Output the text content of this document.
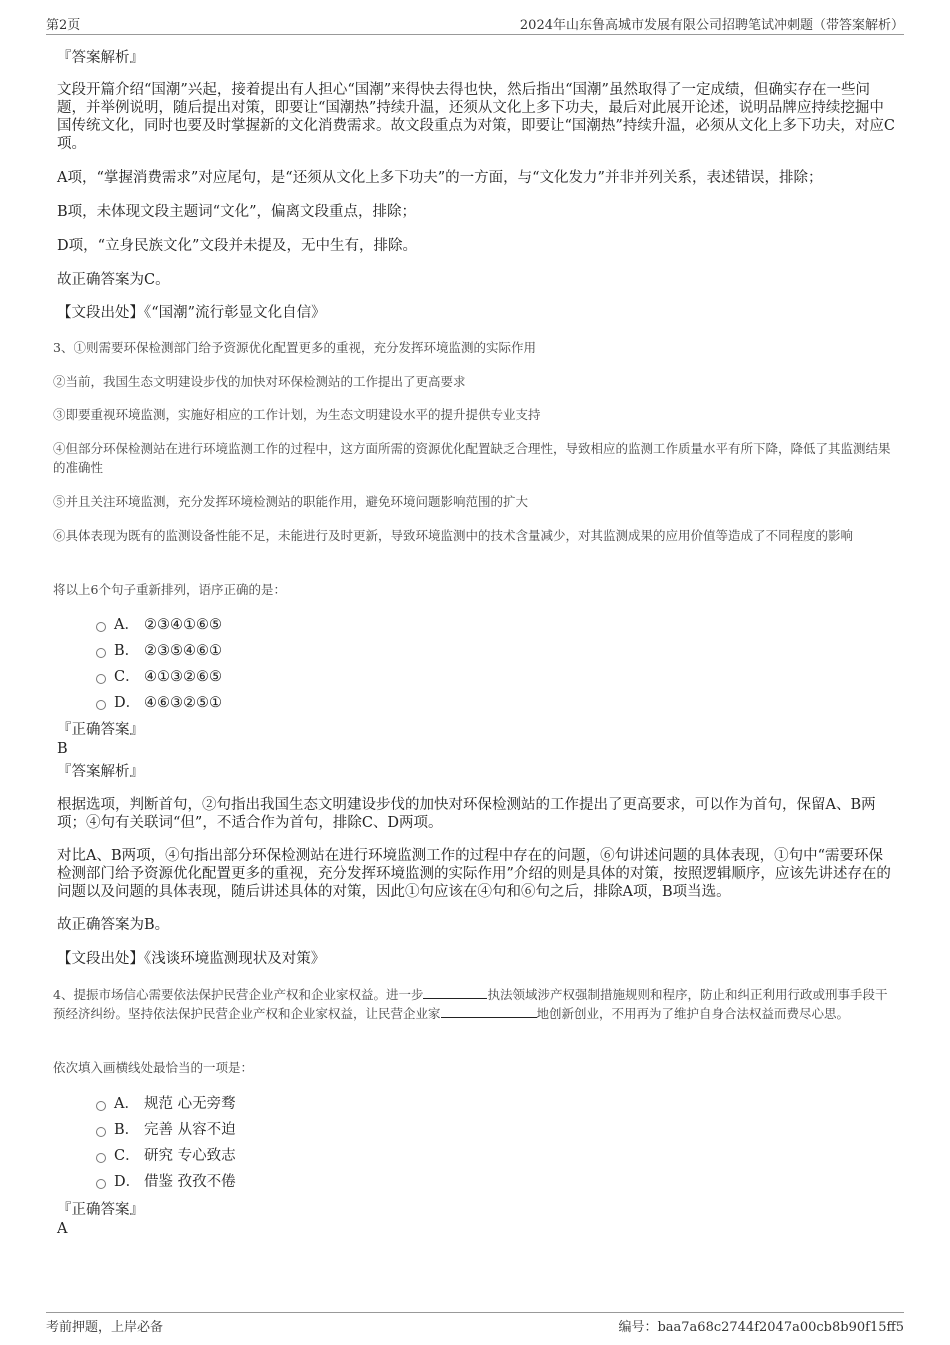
第2页	2024年山东鲁高城市发展有限公司招聘笔试冲刺题（带答案解析）
『答案解析』
文段开篇介绍“国潮”兴起，接着提出有人担心“国潮”来得快去得也快，然后指出“国潮”虽然取得了一定成绩，但确实存在一些问题，并举例说明，随后提出对策，即要让“国潮热”持续升温，还须从文化上多下功夫，最后对此展开论述，说明品牌应持续挖掘中国传统文化，同时也要及时掌握新的文化消费需求。故文段重点为对策，即要让“国潮热”持续升温，必须从文化上多下功夫，对应C项。
A项，“掌握消费需求”对应尾句，是“还须从文化上多下功夫”的一方面，与“文化发力”并非并列关系，表述错误，排除；
B项，未体现文段主题词“文化”，偏离文段重点，排除；
D项，“立身民族文化”文段并未提及，无中生有，排除。
故正确答案为C。
【文段出处】《“国潮”流行彰显文化自信》
3、①则需要环保检测部门给予资源优化配置更多的重视，充分发挥环境监测的实际作用
②当前，我国生态文明建设步伐的加快对环保检测站的工作提出了更高要求
③即要重视环境监测，实施好相应的工作计划，为生态文明建设水平的提升提供专业支持
④但部分环保检测站在进行环境监测工作的过程中，这方面所需的资源优化配置缺乏合理性，导致相应的监测工作质量水平有所下降，降低了其监测结果的准确性
⑤并且关注环境监测，充分发挥环境检测站的职能作用，避免环境问题影响范围的扩大
⑥具体表现为既有的监测设备性能不足，未能进行及时更新，导致环境监测中的技术含量减少，对其监测成果的应用价值等造成了不同程度的影响
将以上6个句子重新排列，语序正确的是：
A． ②③④①⑥⑤
B． ②③⑤④⑥①
C． ④①③②⑥⑤
D． ④⑥③②⑤①
『正确答案』
B
『答案解析』
根据选项，判断首句，②句指出我国生态文明建设步伐的加快对环保检测站的工作提出了更高要求，可以作为首句，保留A、B两项；④句有关联词“但”，不适合作为首句，排除C、D两项。
对比A、B两项，④句指出部分环保检测站在进行环境监测工作的过程中存在的问题，⑥句讲述问题的具体表现，①句中“需要环保检测部门给予资源优化配置更多的重视，充分发挥环境监测的实际作用”介绍的则是具体的对策，按照逻辑顺序，应该先讲述存在的问题以及问题的具体表现，随后讲述具体的对策，因此①句应该在④句和⑥句之后，排除A项，B项当选。
故正确答案为B。
【文段出处】《浅谈环境监测现状及对策》
4、提振市场信心需要依法保护民营企业产权和企业家权益。进一步	执法领域涉产权强制措施规则和程序，防止和纠正利用行政或刑事手段干预经济纠纷。坚持依法保护民营企业产权和企业家权益，让民营企业家	地创新创业，不用再为了维护自身合法权益而费尽心思。
依次填入画横线处最恰当的一项是：
A． 规范 心无旁骛
B． 完善 从容不迫
C． 研究 专心致志
D． 借鉴 孜孜不倦
『正确答案』
A
考前押题，上岸必备	编号：baa7a68c2744f2047a00cb8b90f15ff5
